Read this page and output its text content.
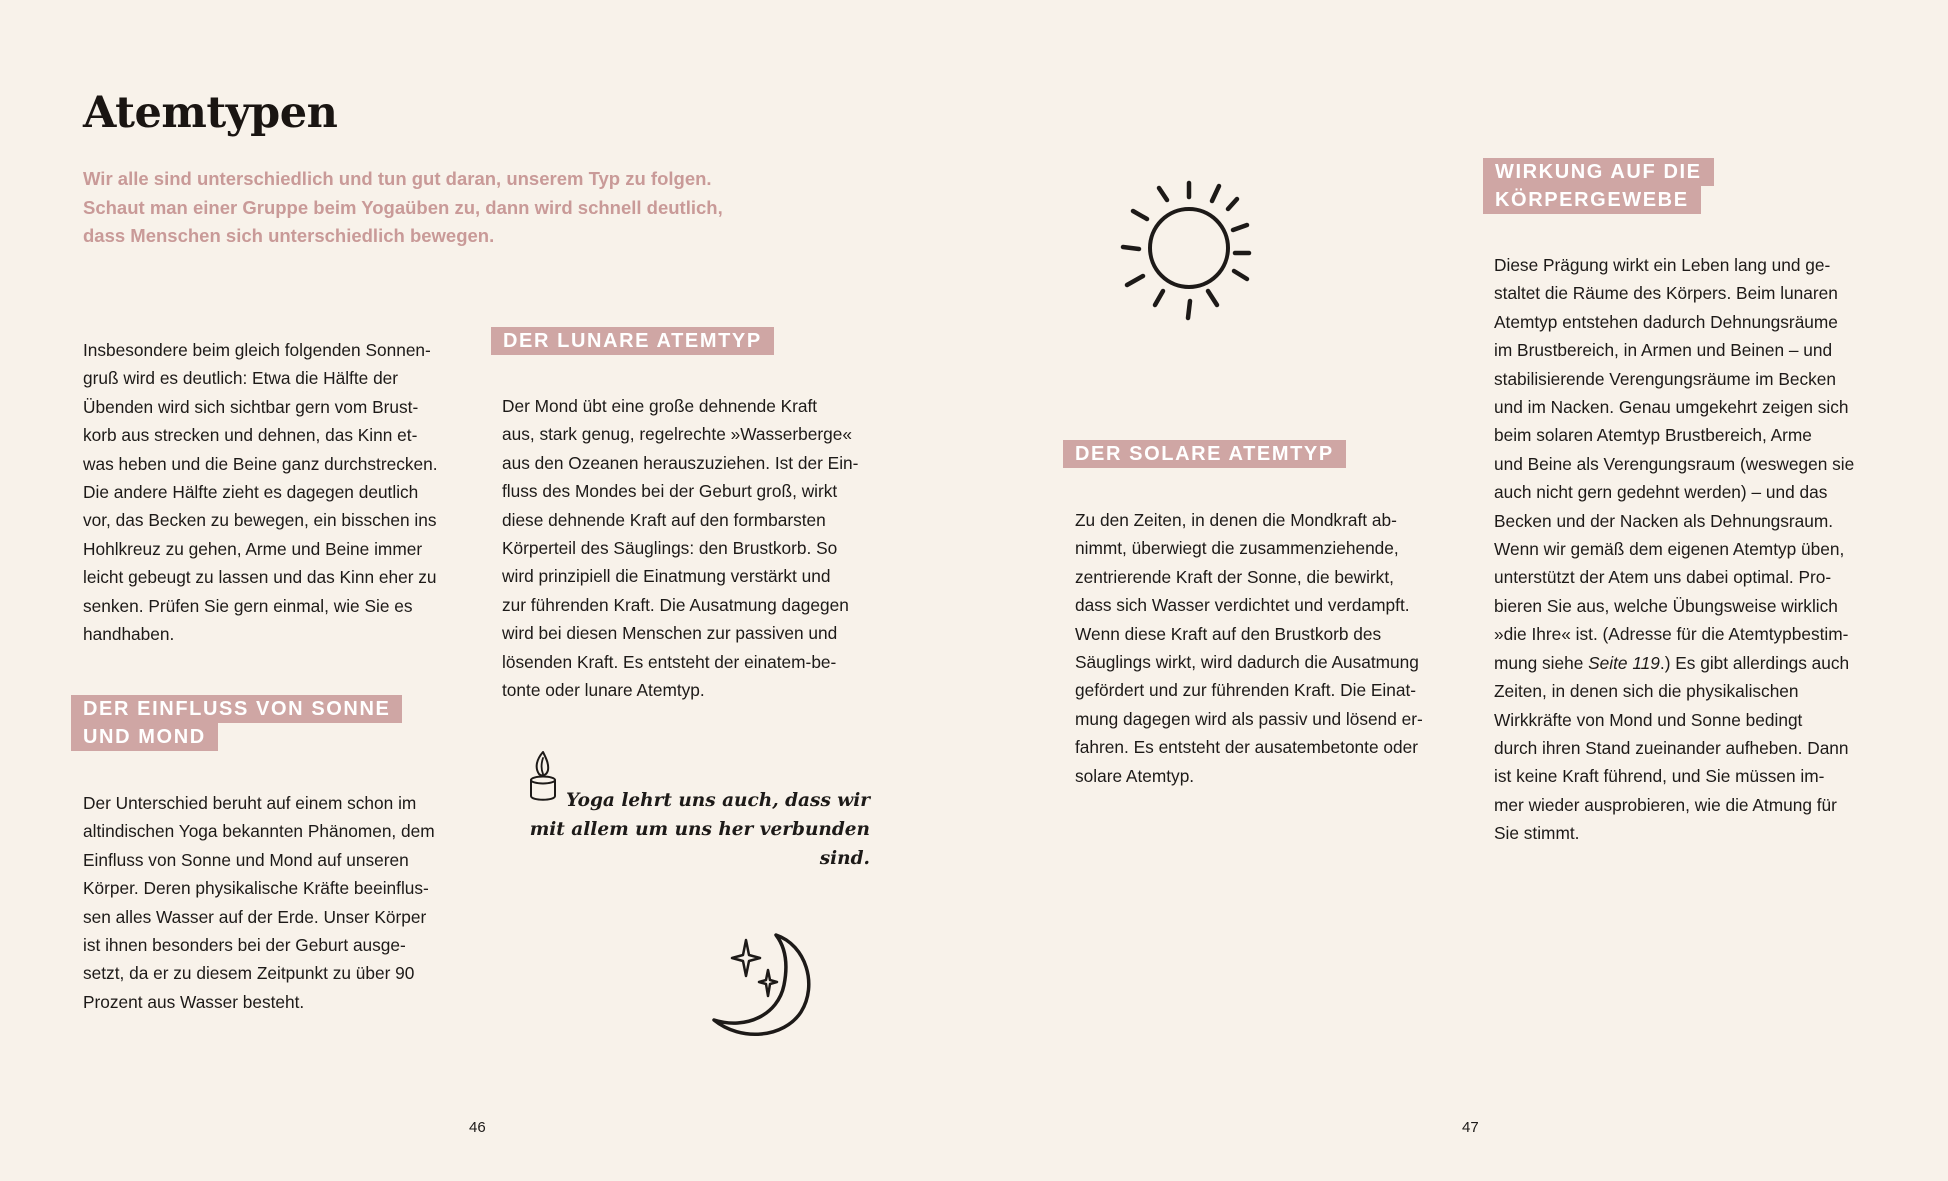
Atemtypen
Wir alle sind unterschiedlich und tun gut daran, unserem Typ zu folgen.
Schaut man einer Gruppe beim Yogaüben zu, dann wird schnell deutlich,
dass Menschen sich unterschiedlich bewegen.

Insbesondere beim gleich folgenden Sonnen-
gruß wird es deutlich: Etwa die Hälfte der
Übenden wird sich sichtbar gern vom Brust-
korb aus strecken und dehnen, das Kinn et-
was heben und die Beine ganz durchstrecken.
Die andere Hälfte zieht es dagegen deutlich
vor, das Becken zu bewegen, ein bisschen ins
Hohlkreuz zu gehen, Arme und Beine immer
leicht gebeugt zu lassen und das Kinn eher zu
senken. Prüfen Sie gern einmal, wie Sie es
handhaben.

DER EINFLUSS VON SONNE
UND MOND

Der Unterschied beruht auf einem schon im
altindischen Yoga bekannten Phänomen, dem
Einfluss von Sonne und Mond auf unseren
Körper. Deren physikalische Kräfte beeinflus-
sen alles Wasser auf der Erde. Unser Körper
ist ihnen besonders bei der Geburt ausge-
setzt, da er zu diesem Zeitpunkt zu über 90
Prozent aus Wasser besteht.

DER LUNARE ATEMTYP

Der Mond übt eine große dehnende Kraft
aus, stark genug, regelrechte »Wasserberge«
aus den Ozeanen herauszuziehen. Ist der Ein-
fluss des Mondes bei der Geburt groß, wirkt
diese dehnende Kraft auf den formbarsten
Körperteil des Säuglings: den Brustkorb. So
wird prinzipiell die Einatmung verstärkt und
zur führenden Kraft. Die Ausatmung dagegen
wird bei diesen Menschen zur passiven und
lösenden Kraft. Es entsteht der einatem-be-
tonte oder lunare Atemtyp.

Yoga lehrt uns auch, dass wir
mit allem um uns her verbunden sind.
46
DER SOLARE ATEMTYP

Zu den Zeiten, in denen die Mondkraft ab-
nimmt, überwiegt die zusammenziehende,
zentrierende Kraft der Sonne, die bewirkt,
dass sich Wasser verdichtet und verdampft.
Wenn diese Kraft auf den Brustkorb des
Säuglings wirkt, wird dadurch die Ausatmung
gefördert und zur führenden Kraft. Die Einat-
mung dagegen wird als passiv und lösend er-
fahren. Es entsteht der ausatembetonte oder
solare Atemtyp.

WIRKUNG AUF DIE
KÖRPERGEWEBE

Diese Prägung wirkt ein Leben lang und ge-
staltet die Räume des Körpers. Beim lunaren
Atemtyp entstehen dadurch Dehnungsräume
im Brustbereich, in Armen und Beinen – und
stabilisierende Verengungsräume im Becken
und im Nacken. Genau umgekehrt zeigen sich
beim solaren Atemtyp Brustbereich, Arme
und Beine als Verengungsraum (weswegen sie
auch nicht gern gedehnt werden) – und das
Becken und der Nacken als Dehnungsraum.
Wenn wir gemäß dem eigenen Atemtyp üben,
unterstützt der Atem uns dabei optimal. Pro-
bieren Sie aus, welche Übungsweise wirklich
»die Ihre« ist. (Adresse für die Atemtypbestim-
mung siehe Seite 119.) Es gibt allerdings auch
Zeiten, in denen sich die physikalischen
Wirkkräfte von Mond und Sonne bedingt
durch ihren Stand zueinander aufheben. Dann
ist keine Kraft führend, und Sie müssen im-
mer wieder ausprobieren, wie die Atmung für
Sie stimmt.

47
